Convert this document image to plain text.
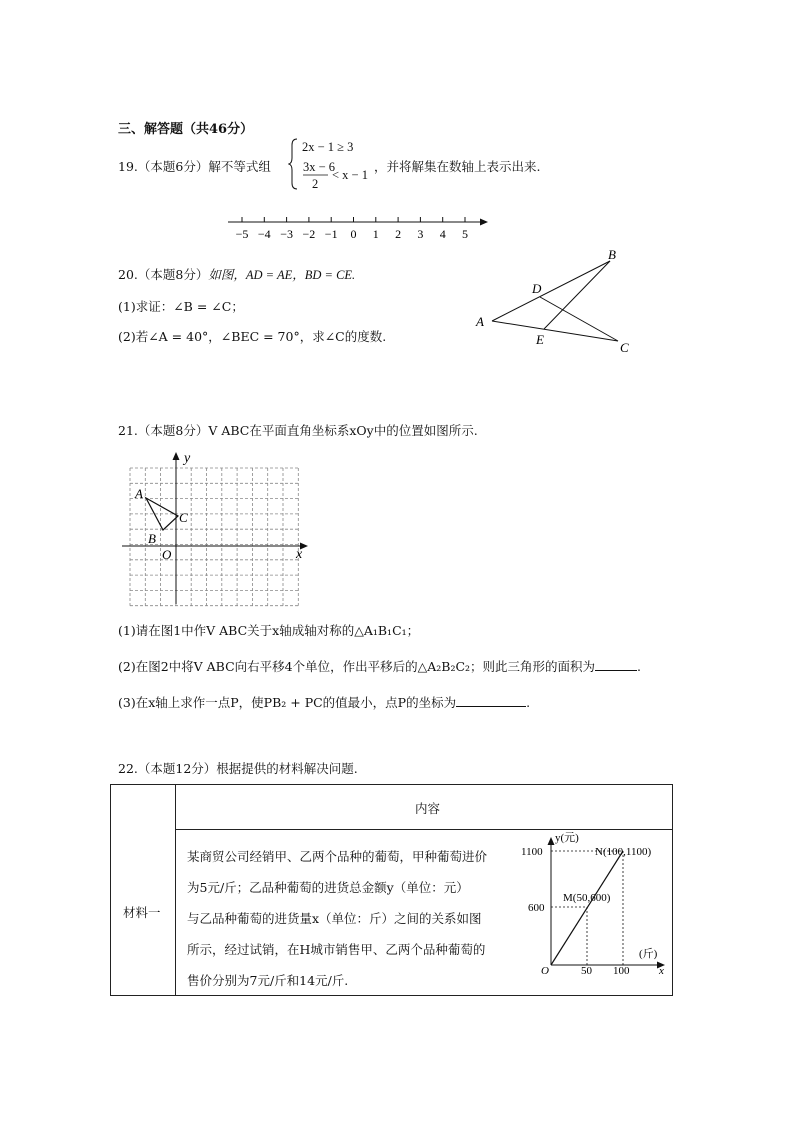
三、解答题（共46分）
19.（本题6分）解不等式组
2x − 1 ≥ 3
3x − 6
2
< x − 1
，并将解集在数轴上表示出来.
−5 −4 −3 −2 −1 0 1 2 3 4 5
20.（本题8分）如图，AD = AE，BD = CE.
(1)求证：∠B = ∠C；
(2)若∠A = 40°，∠BEC = 70°，求∠C的度数.
A
B
C
D
E
21.（本题8分）V ABC在平面直角坐标系xOy中的位置如图所示.
y
x
O
A
B
C
(1)请在图1中作V ABC关于x轴成轴对称的△A₁B₁C₁；
(2)在图2中将V ABC向右平移4个单位，作出平移后的△A₂B₂C₂；则此三角形的面积为	.
(3)在x轴上求作一点P，使PB₂ + PC的值最小，点P的坐标为	.
22.（本题12分）根据提供的材料解决问题.
内容
材料一
某商贸公司经销甲、乙两个品种的葡萄，甲种葡萄进价
为5元/斤；乙品种葡萄的进货总金额y（单位：元）
与乙品种葡萄的进货量x（单位：斤）之间的关系如图
所示，经过试销，在H城市销售甲、乙两个品种葡萄的
售价分别为7元/斤和14元/斤.
y(元)
(斤)
x
O
1100
600
50 100
N(100,1100)
M(50,600)
